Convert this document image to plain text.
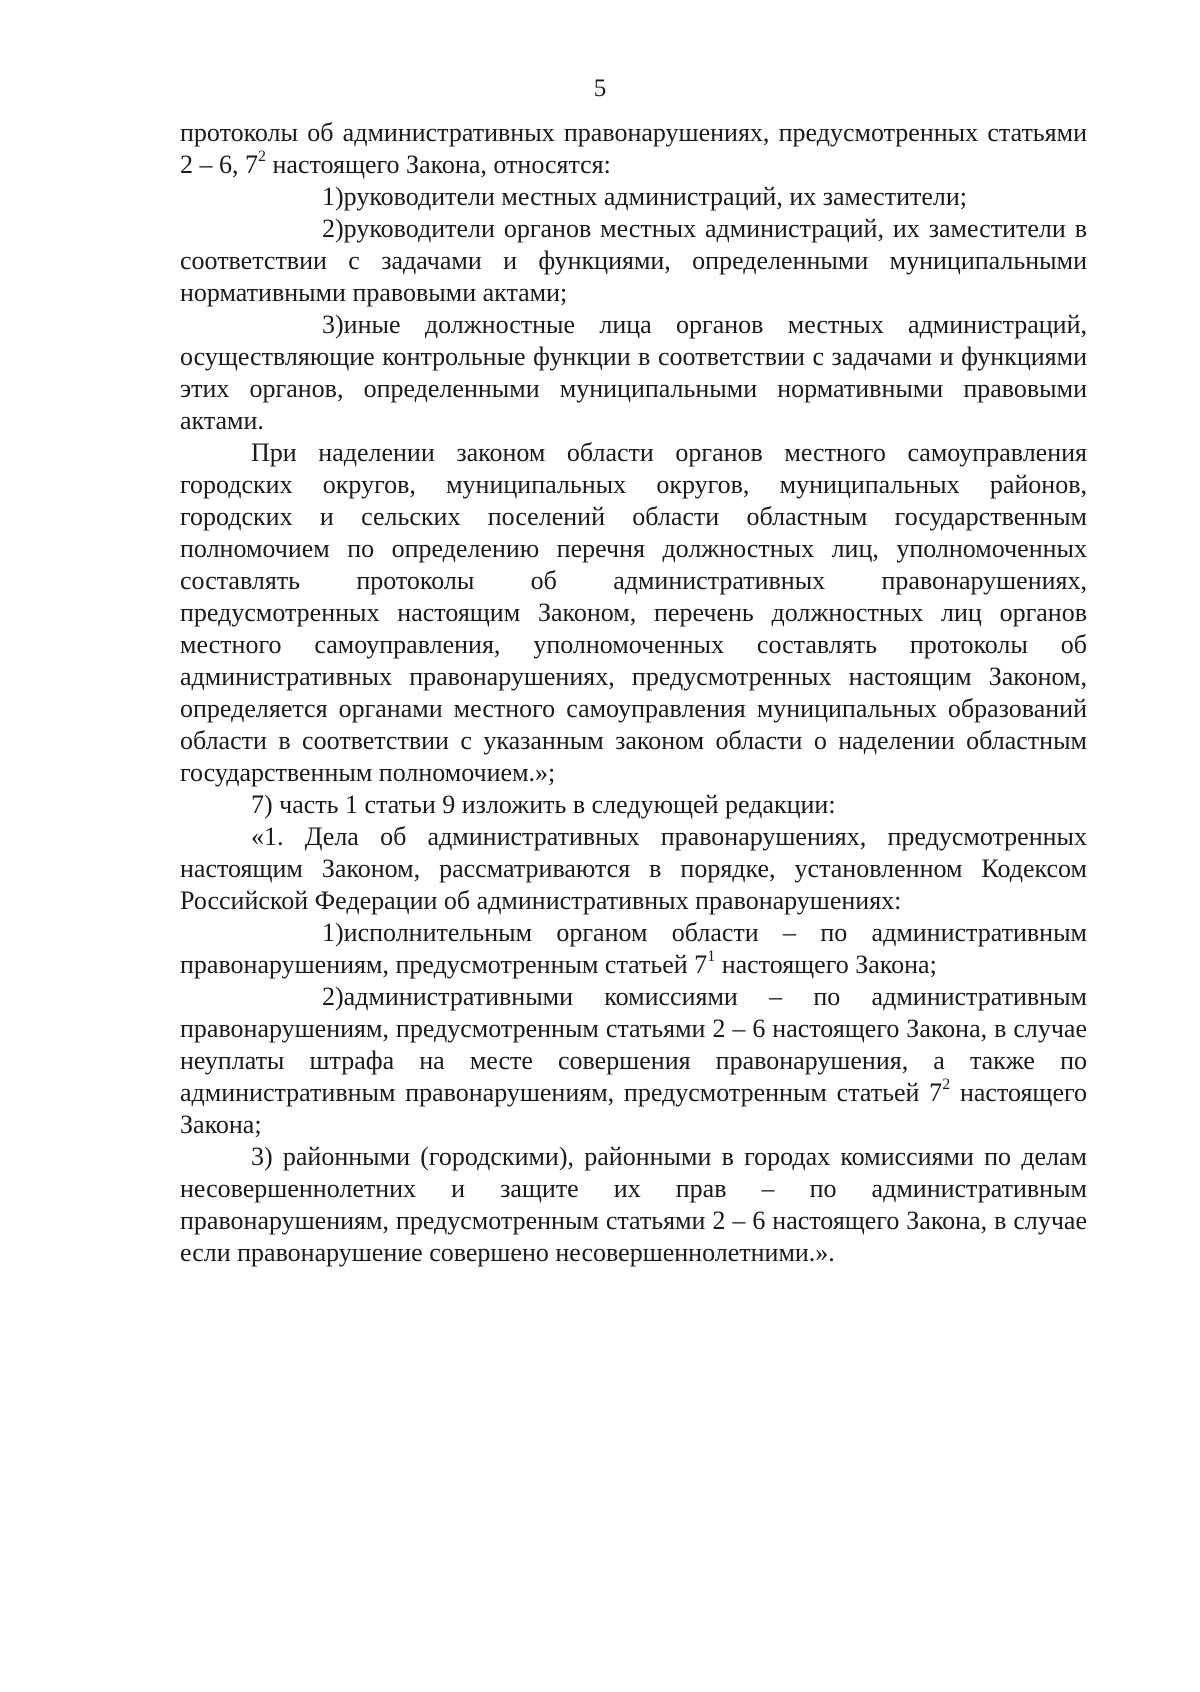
5

протоколы об административных правонарушениях, предусмотренных статьями 2 – 6, $7^2$ настоящего Закона, относятся:

1)руководители местных администраций, их заместители;

2)руководители органов местных администраций, их заместители в соответствии с задачами и функциями, определенными муниципальными нормативными правовыми актами;

3)иные должностные лица органов местных администраций, осуществляющие контрольные функции в соответствии с задачами и функциями этих органов, определенными муниципальными нормативными правовыми актами.

При наделении законом области органов местного самоуправления городских округов, муниципальных округов, муниципальных районов, городских и сельских поселений области областным государственным полномочием по определению перечня должностных лиц, уполномоченных составлять протоколы об административных правонарушениях, предусмотренных настоящим Законом, перечень должностных лиц органов местного самоуправления, уполномоченных составлять протоколы об административных правонарушениях, предусмотренных настоящим Законом, определяется органами местного самоуправления муниципальных образований области в соответствии с указанным законом области о наделении областным государственным полномочием.»;

7) часть 1 статьи 9 изложить в следующей редакции:

«1. Дела об административных правонарушениях, предусмотренных настоящим Законом, рассматриваются в порядке, установленном Кодексом Российской Федерации об административных правонарушениях:

1)исполнительным органом области – по административным правонарушениям, предусмотренным статьей $7^1$ настоящего Закона;

2)административными комиссиями – по административным правонарушениям, предусмотренным статьями 2 – 6 настоящего Закона, в случае неуплаты штрафа на месте совершения правонарушения, а также по административным правонарушениям, предусмотренным статьей $7^2$ настоящего Закона;

3) районными (городскими), районными в городах комиссиями по делам несовершеннолетних и защите их прав – по административным правонарушениям, предусмотренным статьями 2 – 6 настоящего Закона, в случае если правонарушение совершено несовершеннолетними.».
